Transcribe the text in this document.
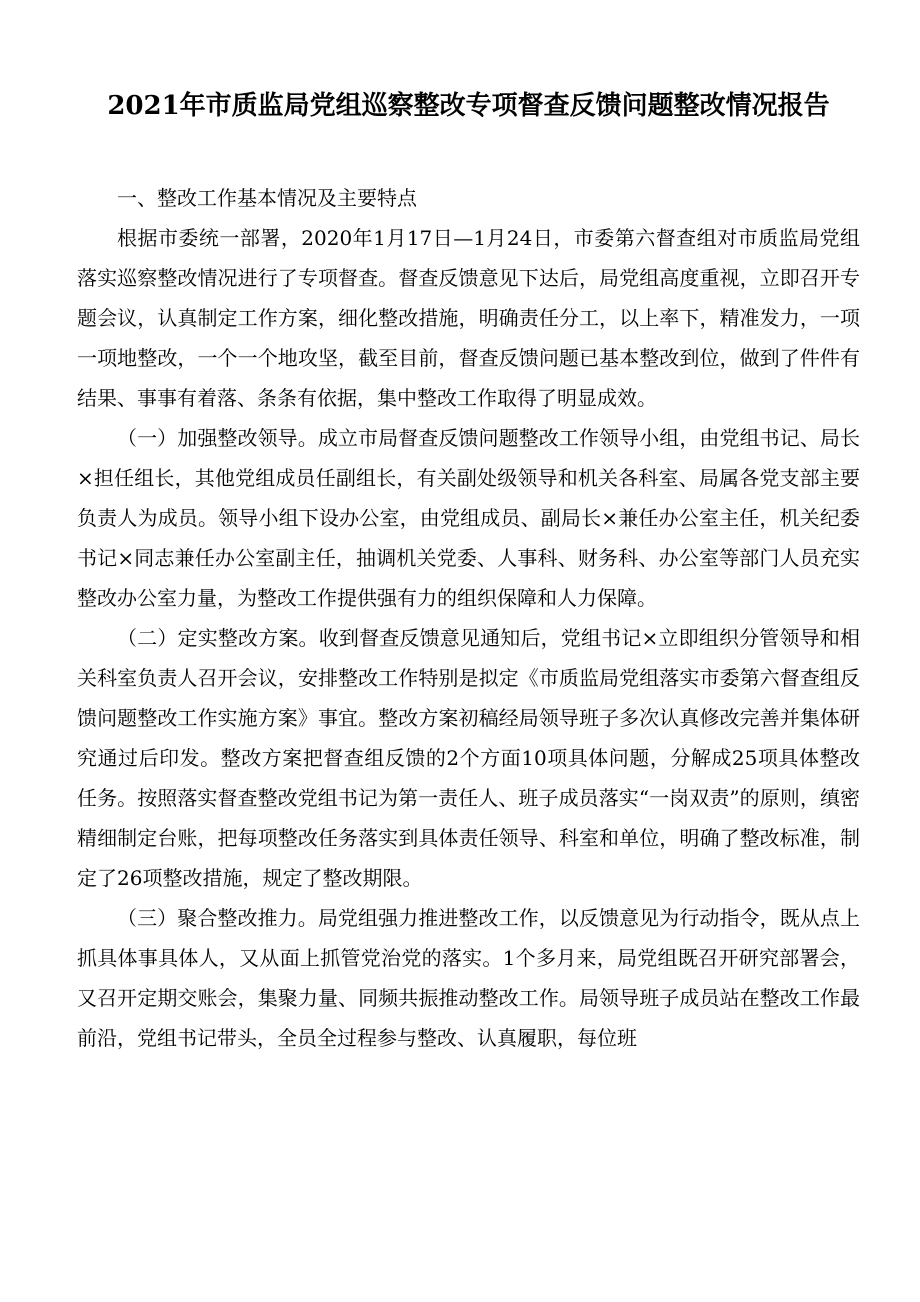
2021年市质监局党组巡察整改专项督查反馈问题整改情况报告

一、整改工作基本情况及主要特点

根据市委统一部署，2020年1月17日—1月24日，市委第六督查组对市质监局党组落实巡察整改情况进行了专项督查。督查反馈意见下达后，局党组高度重视，立即召开专题会议，认真制定工作方案，细化整改措施，明确责任分工，以上率下，精准发力，一项一项地整改，一个一个地攻坚，截至目前，督查反馈问题已基本整改到位，做到了件件有结果、事事有着落、条条有依据，集中整改工作取得了明显成效。

（一）加强整改领导。成立市局督查反馈问题整改工作领导小组，由党组书记、局长×担任组长，其他党组成员任副组长，有关副处级领导和机关各科室、局属各党支部主要负责人为成员。领导小组下设办公室，由党组成员、副局长×兼任办公室主任，机关纪委书记×同志兼任办公室副主任，抽调机关党委、人事科、财务科、办公室等部门人员充实整改办公室力量，为整改工作提供强有力的组织保障和人力保障。

（二）定实整改方案。收到督查反馈意见通知后，党组书记×立即组织分管领导和相关科室负责人召开会议，安排整改工作特别是拟定《市质监局党组落实市委第六督查组反馈问题整改工作实施方案》事宜。整改方案初稿经局领导班子多次认真修改完善并集体研究通过后印发。整改方案把督查组反馈的2个方面10项具体问题，分解成25项具体整改任务。按照落实督查整改党组书记为第一责任人、班子成员落实“一岗双责”的原则，缜密精细制定台账，把每项整改任务落实到具体责任领导、科室和单位，明确了整改标准，制定了26项整改措施，规定了整改期限。

（三）聚合整改推力。局党组强力推进整改工作，以反馈意见为行动指令，既从点上抓具体事具体人，又从面上抓管党治党的落实。1个多月来，局党组既召开研究部署会，又召开定期交账会，集聚力量、同频共振推动整改工作。局领导班子成员站在整改工作最前沿，党组书记带头，全员全过程参与整改、认真履职，每位班
